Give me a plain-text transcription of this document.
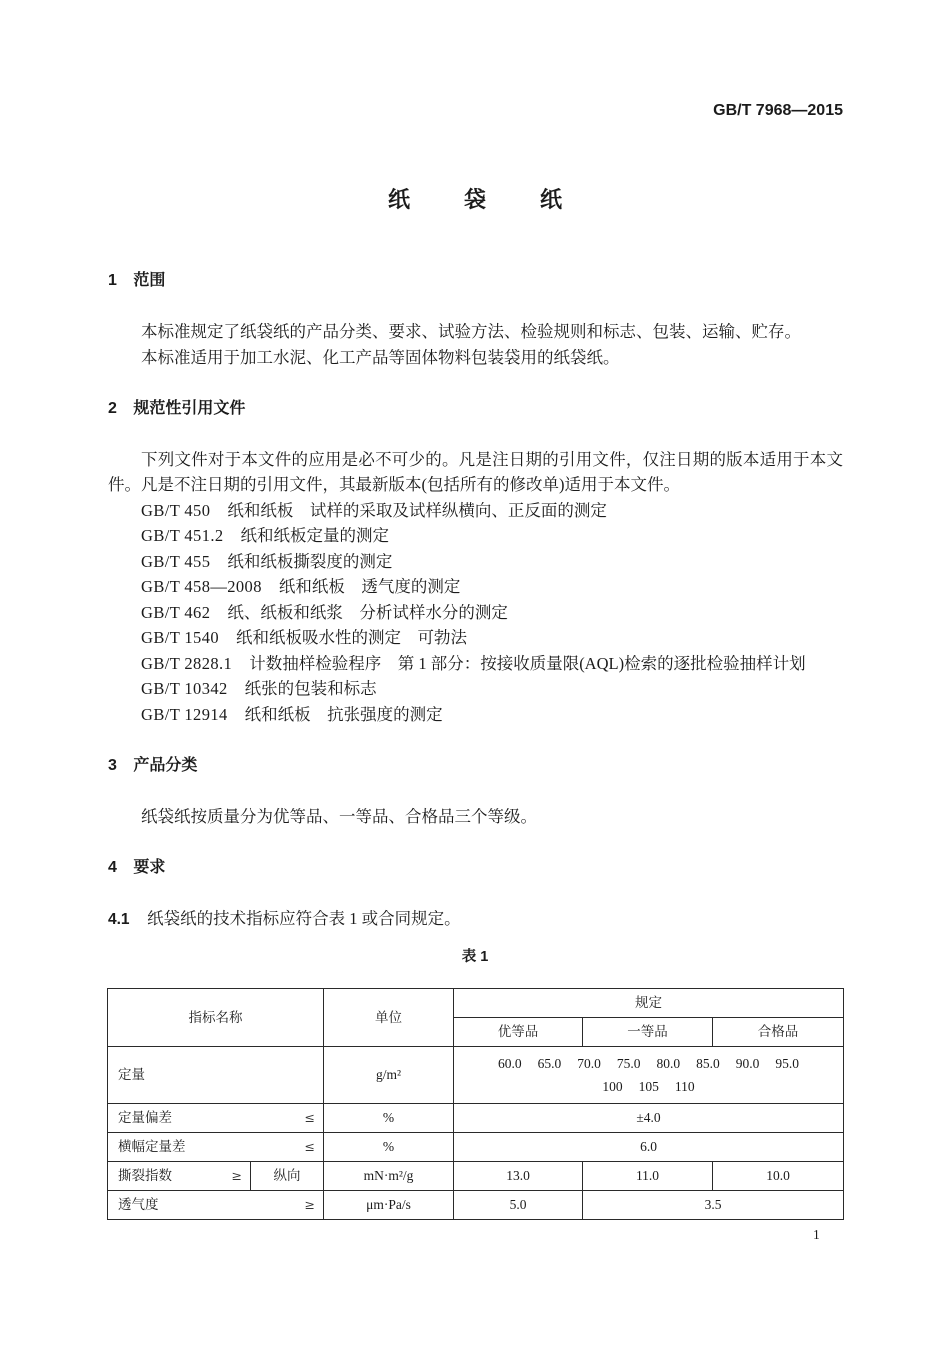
GB/T 7968—2015
纸　袋　纸
1 范围
本标准规定了纸袋纸的产品分类、要求、试验方法、检验规则和标志、包装、运输、贮存。
本标准适用于加工水泥、化工产品等固体物料包装袋用的纸袋纸。
2 规范性引用文件
下列文件对于本文件的应用是必不可少的。凡是注日期的引用文件，仅注日期的版本适用于本文
件。凡是不注日期的引用文件，其最新版本(包括所有的修改单)适用于本文件。
GB/T 450 纸和纸板　试样的采取及试样纵横向、正反面的测定
GB/T 451.2 纸和纸板定量的测定
GB/T 455 纸和纸板撕裂度的测定
GB/T 458—2008 纸和纸板　透气度的测定
GB/T 462 纸、纸板和纸浆　分析试样水分的测定
GB/T 1540 纸和纸板吸水性的测定　可勃法
GB/T 2828.1 计数抽样检验程序　第 1 部分：按接收质量限(AQL)检索的逐批检验抽样计划
GB/T 10342 纸张的包装和标志
GB/T 12914 纸和纸板　抗张强度的测定
3 产品分类
纸袋纸按质量分为优等品、一等品、合格品三个等级。
4 要求
4.1 纸袋纸的技术指标应符合表 1 或合同规定。
表 1
指标名称		单位	规定		
			优等品	一等品	合格品

定量		g/m²	60.0 65.0 70.0 75.0 80.0 85.0 90.0 95.0
100 105 110		

定量偏差 ≤		%	±4.0		

横幅定量差 ≤		%	6.0		

撕裂指数 ≥	纵向	mN·m²/g	13.0	11.0	10.0

透气度 ≥		μm·Pa/s	5.0	3.5	
1
